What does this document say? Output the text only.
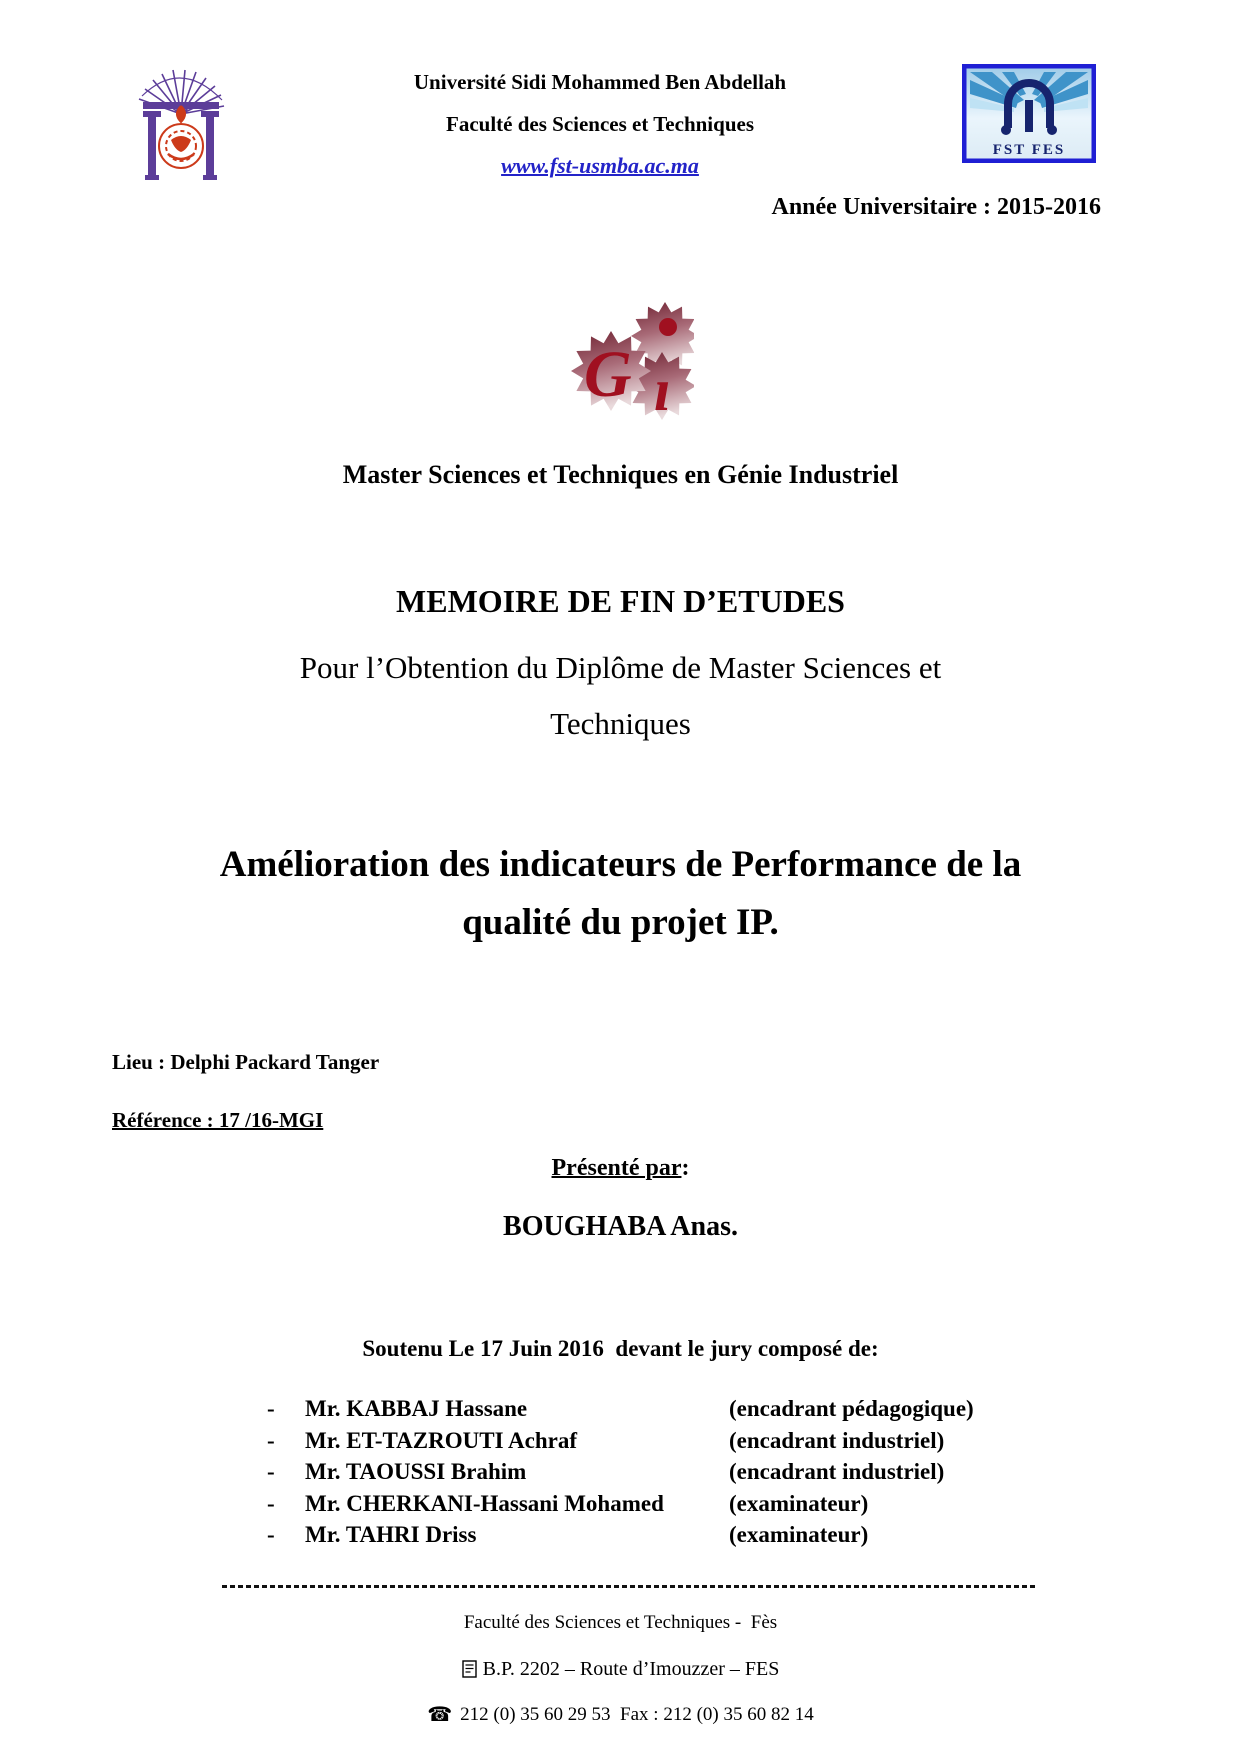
FST FES
Université Sidi Mohammed Ben Abdellah
Faculté des Sciences et Techniques
www.fst-usmba.ac.ma
Année Universitaire : 2015-2016
G ı
Master Sciences et Techniques en Génie Industriel
MEMOIRE DE FIN D’ETUDES
Pour l’Obtention du Diplôme de Master Sciences et
Techniques
Amélioration des indicateurs de Performance de la
qualité du projet IP.
Lieu : Delphi Packard Tanger
Référence : 17 /16-MGI
Présenté par:
BOUGHABA Anas.
Soutenu Le 17 Juin 2016  devant le jury composé de:
- Mr. KABBAJ Hassane	(encadrant pédagogique)
- Mr. ET-TAZROUTI Achraf	(encadrant industriel)
- Mr. TAOUSSI Brahim	(encadrant industriel)
- Mr. CHERKANI-Hassani Mohamed	(examinateur)
- Mr. TAHRI Driss	(examinateur)
Faculté des Sciences et Techniques -  Fès
B.P. 2202 – Route d’Imouzzer – FES
☎ 212 (0) 35 60 29 53  Fax : 212 (0) 35 60 82 14
